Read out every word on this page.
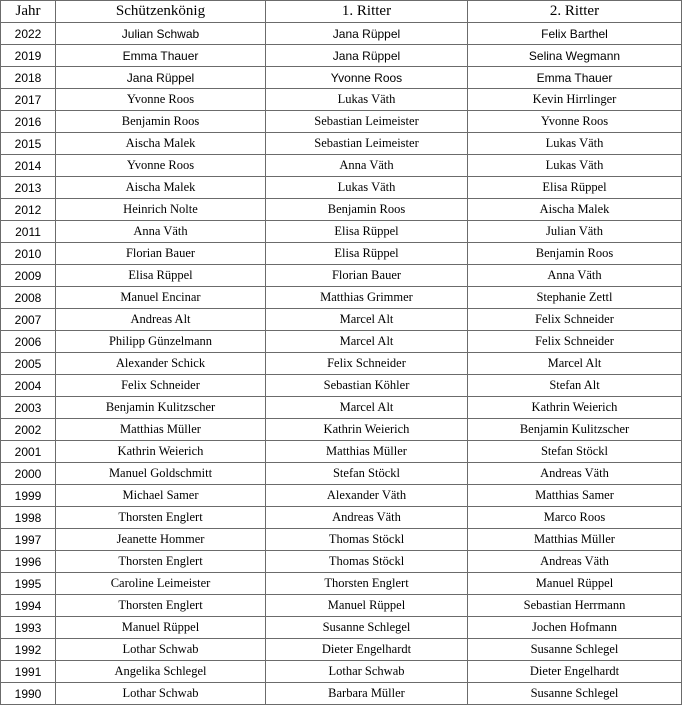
Jahr	Schützenkönig	1. Ritter	2. Ritter
2022	Julian Schwab	Jana Rüppel	Felix Barthel
2019	Emma Thauer	Jana Rüppel	Selina Wegmann
2018	Jana Rüppel	Yvonne Roos	Emma Thauer
2017	Yvonne Roos	Lukas Väth	Kevin Hirrlinger
2016	Benjamin Roos	Sebastian Leimeister	Yvonne Roos
2015	Aischa Malek	Sebastian Leimeister	Lukas Väth
2014	Yvonne Roos	Anna Väth	Lukas Väth
2013	Aischa Malek	Lukas Väth	Elisa Rüppel
2012	Heinrich Nolte	Benjamin Roos	Aischa Malek
2011	Anna Väth	Elisa Rüppel	Julian Väth
2010	Florian Bauer	Elisa Rüppel	Benjamin Roos
2009	Elisa Rüppel	Florian Bauer	Anna Väth
2008	Manuel Encinar	Matthias Grimmer	Stephanie Zettl
2007	Andreas Alt	Marcel Alt	Felix Schneider
2006	Philipp Günzelmann	Marcel Alt	Felix Schneider
2005	Alexander Schick	Felix Schneider	Marcel Alt
2004	Felix Schneider	Sebastian Köhler	Stefan Alt
2003	Benjamin Kulitzscher	Marcel Alt	Kathrin Weierich
2002	Matthias Müller	Kathrin Weierich	Benjamin Kulitzscher
2001	Kathrin Weierich	Matthias Müller	Stefan Stöckl
2000	Manuel Goldschmitt	Stefan Stöckl	Andreas Väth
1999	Michael Samer	Alexander Väth	Matthias Samer
1998	Thorsten Englert	Andreas Väth	Marco Roos
1997	Jeanette Hommer	Thomas Stöckl	Matthias Müller
1996	Thorsten Englert	Thomas Stöckl	Andreas Väth
1995	Caroline Leimeister	Thorsten Englert	Manuel Rüppel
1994	Thorsten Englert	Manuel Rüppel	Sebastian Herrmann
1993	Manuel Rüppel	Susanne Schlegel	Jochen Hofmann
1992	Lothar Schwab	Dieter Engelhardt	Susanne Schlegel
1991	Angelika Schlegel	Lothar Schwab	Dieter Engelhardt
1990	Lothar Schwab	Barbara Müller	Susanne Schlegel
